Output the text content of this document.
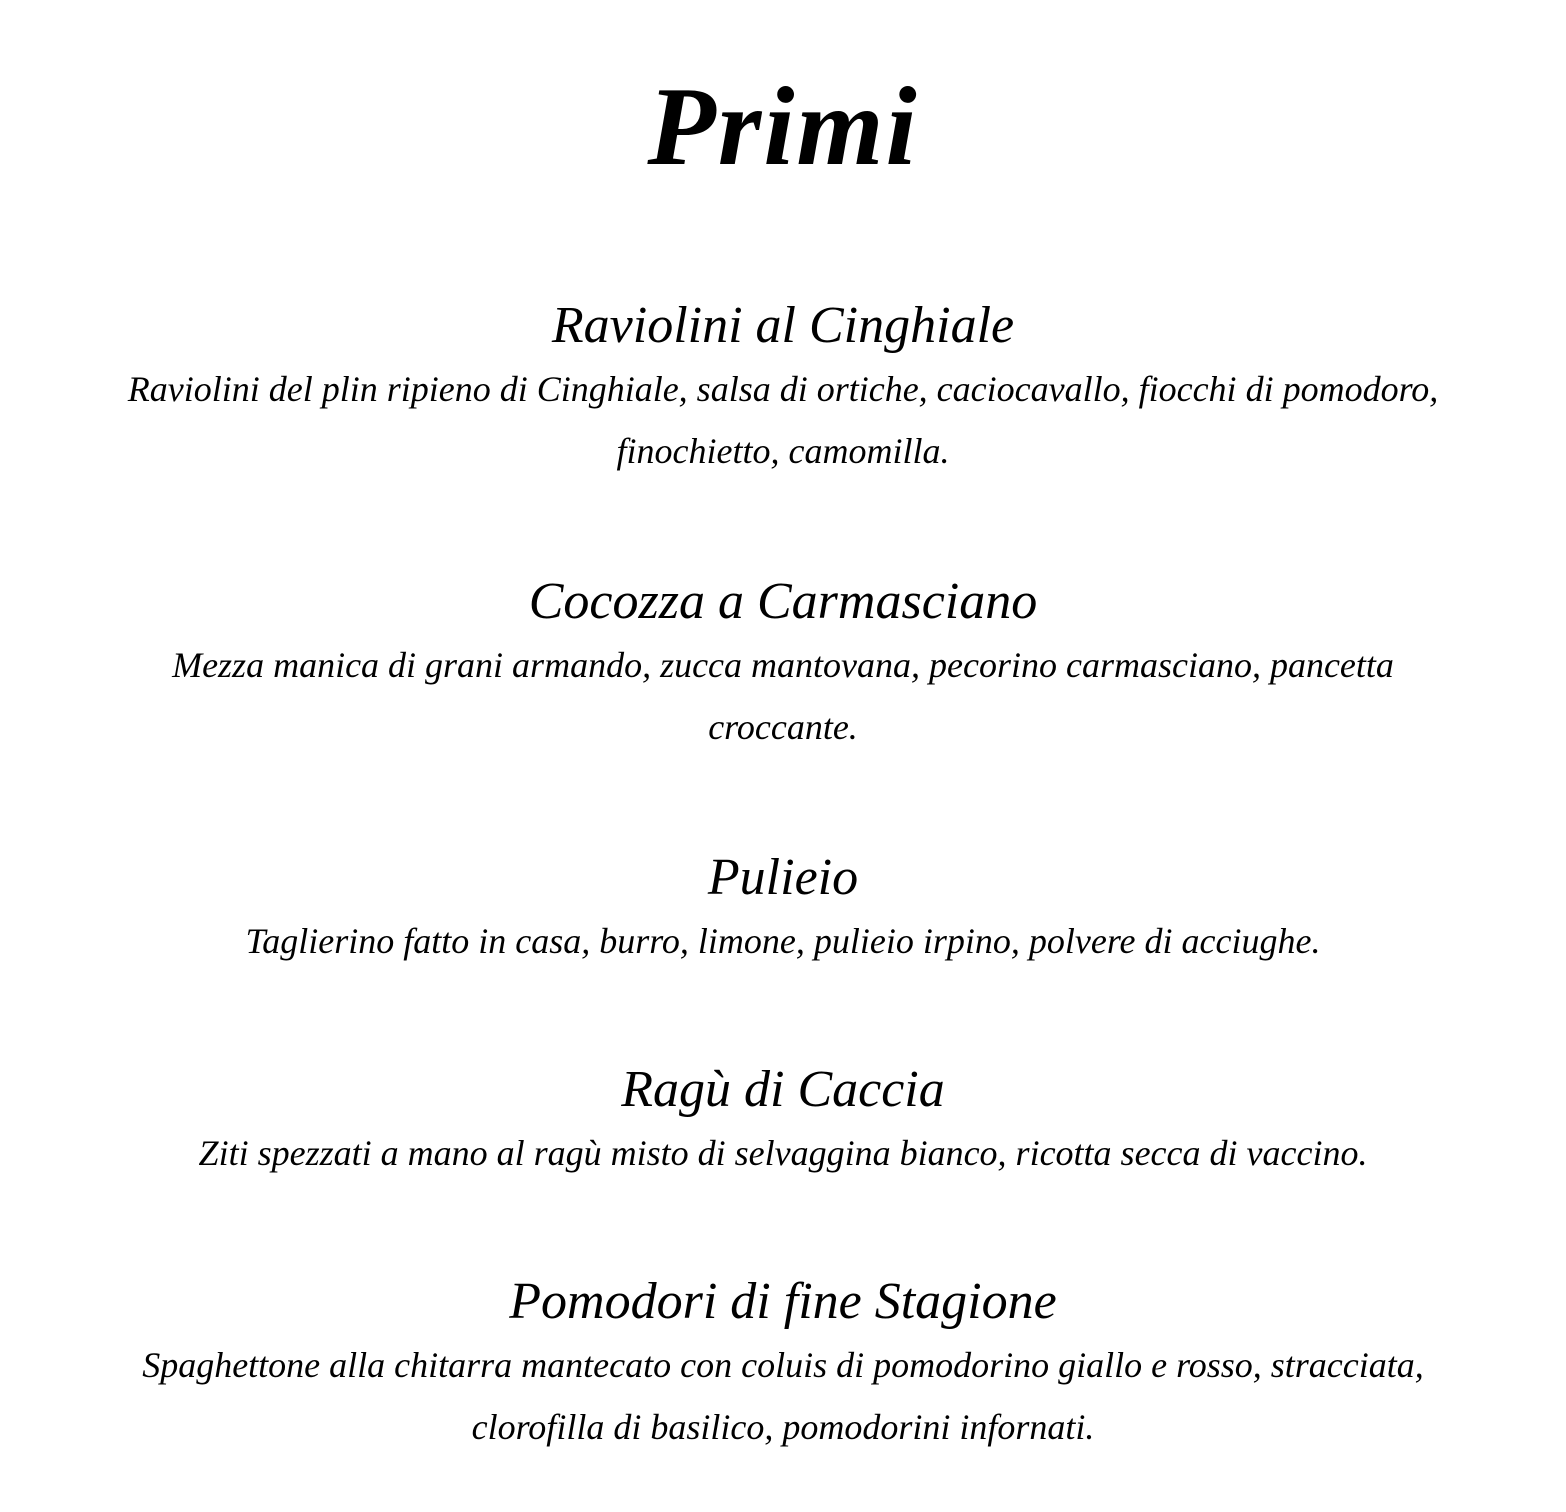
Primi

Raviolini al Cinghiale

Raviolini del plin ripieno di Cinghiale, salsa di ortiche, caciocavallo, fiocchi di pomodoro, finochietto, camomilla.

Cocozza a Carmasciano

Mezza manica di grani armando, zucca mantovana, pecorino carmasciano, pancetta croccante.

Pulieio

Taglierino fatto in casa, burro, limone, pulieio irpino, polvere di acciughe.

Ragù di Caccia

Ziti spezzati a mano al ragù misto di selvaggina bianco, ricotta secca di vaccino.

Pomodori di fine Stagione

Spaghettone alla chitarra mantecato con coluis di pomodorino giallo e rosso, stracciata, clorofilla di basilico, pomodorini infornati.
